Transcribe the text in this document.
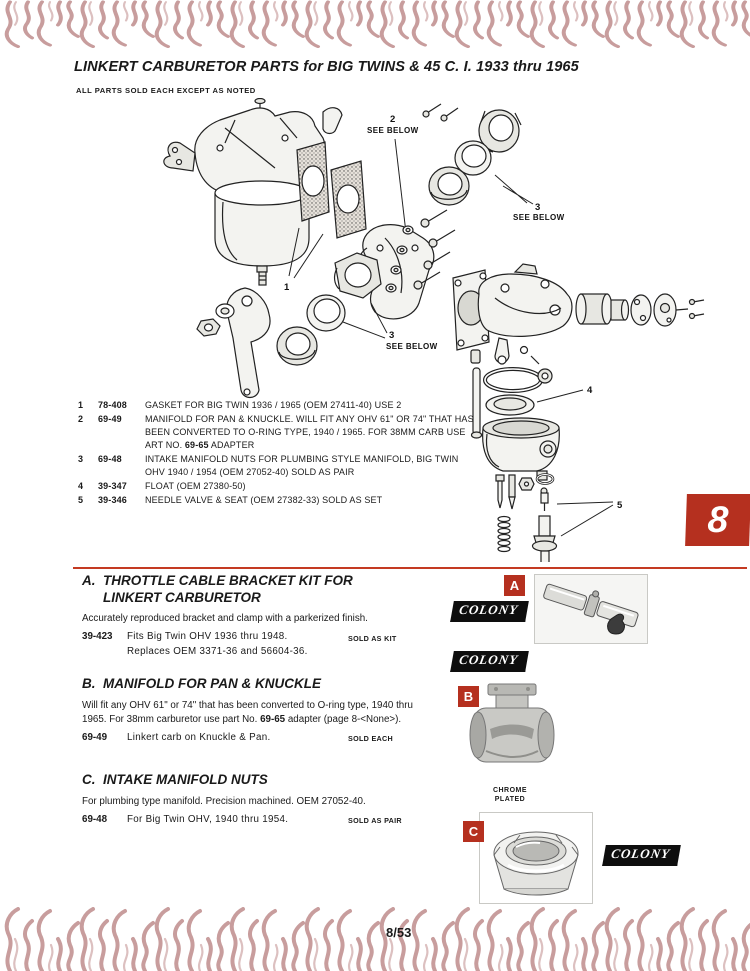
LINKERT CARBURETOR PARTS for BIG TWINS & 45 C. I. 1933 thru 1965
ALL PARTS SOLD EACH EXCEPT AS NOTED
1
2
SEE BELOW
3
SEE BELOW
3
SEE BELOW
4
5
1	78-408	GASKET FOR BIG TWIN 1936 / 1965 (OEM 27411-40) USE 2
2	69-49	MANIFOLD FOR PAN & KNUCKLE. WILL FIT ANY OHV 61" OR 74" THAT HAS BEEN CONVERTED TO O-RING TYPE, 1940 / 1965. FOR 38MM CARB USE ART NO. 69-65 ADAPTER
3	69-48	INTAKE MANIFOLD NUTS FOR PLUMBING STYLE MANIFOLD, BIG TWIN OHV 1940 / 1954 (OEM 27052-40) SOLD AS PAIR
4	39-347	FLOAT (OEM 27380-50)
5	39-346	NEEDLE VALVE & SEAT (OEM 27382-33) SOLD AS SET	8
A. THROTTLE CABLE BRACKET KIT FOR
LINKERT CARBURETOR
Accurately reproduced bracket and clamp with a parkerized finish.
39-423 Fits Big Twin OHV 1936 thru 1948.
Replaces OEM 3371-36 and 56604-36.
SOLD AS KIT
B. MANIFOLD FOR PAN & KNUCKLE
Will fit any OHV 61" or 74" that has been converted to O-ring type, 1940 thru 1965. For 38mm carburetor use part No. 69-65 adapter (page 8-<None>).
69-49 Linkert carb on Knuckle & Pan.	SOLD EACH
C. INTAKE MANIFOLD NUTS
For plumbing type manifold. Precision machined. OEM 27052-40.
69-48 For Big Twin OHV, 1940 thru 1954.	SOLD AS PAIR
A
COLONY
COLONY
B
CHROME
PLATED
C
COLONY
8/53
